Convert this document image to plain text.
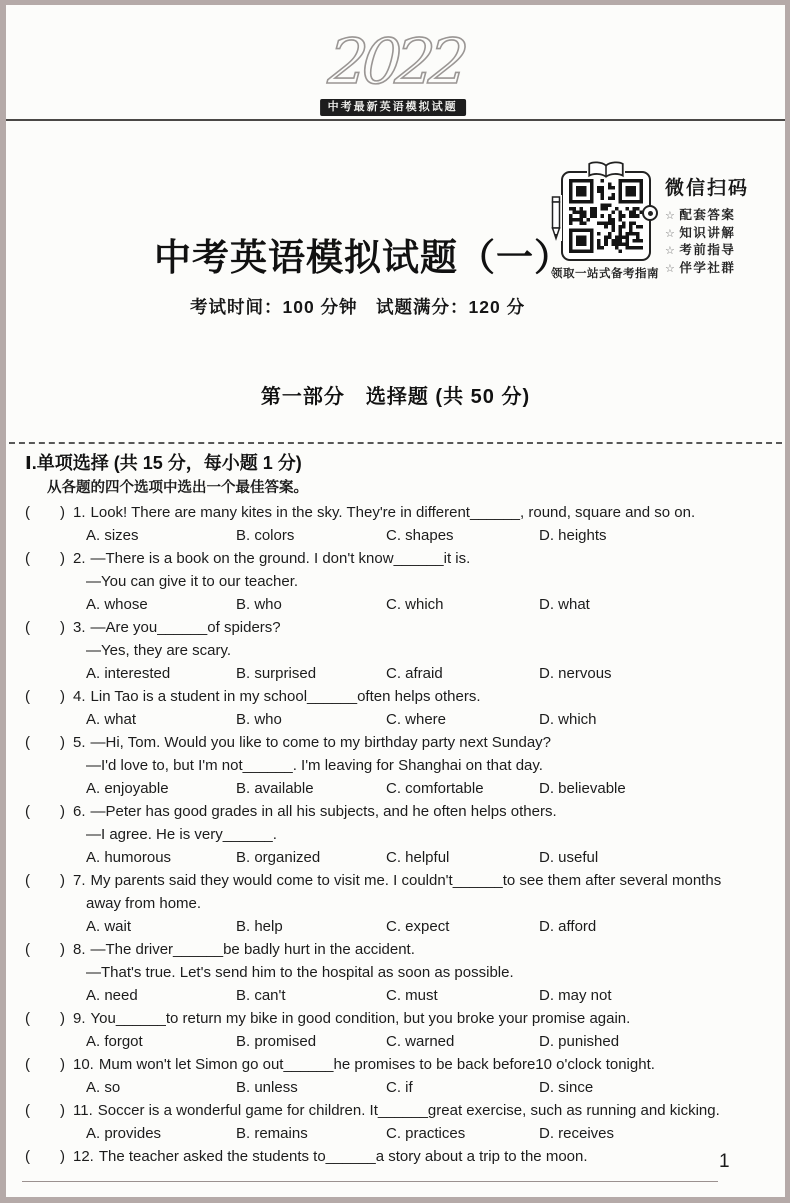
2022
中考最新英语模拟试题
领取一站式备考指南
微信扫码
☆ 配套答案
☆ 知识讲解
☆ 考前指导
☆ 伴学社群
中考英语模拟试题（一）
考试时间：100 分钟　试题满分：120 分
第一部分　选择题 (共 50 分)
Ⅰ.单项选择 (共 15 分，每小题 1 分)
从各题的四个选项中选出一个最佳答案。
( ) 1. Look! There are many kites in the sky. They're in different______, round, square and so on.
A. sizes	B. colors	C. shapes	D. heights
( ) 2. —There is a book on the ground. I don't know______it is.
—You can give it to our teacher.
A. whose	B. who	C. which	D. what
( ) 3. —Are you______of spiders?
—Yes, they are scary.
A. interested	B. surprised	C. afraid	D. nervous
( ) 4. Lin Tao is a student in my school______often helps others.
A. what	B. who	C. where	D. which
( ) 5. —Hi, Tom. Would you like to come to my birthday party next Sunday?
—I'd love to, but I'm not______. I'm leaving for Shanghai on that day.
A. enjoyable	B. available	C. comfortable	D. believable
( ) 6. —Peter has good grades in all his subjects, and he often helps others.
—I agree. He is very______.
A. humorous	B. organized	C. helpful	D. useful
( ) 7. My parents said they would come to visit me. I couldn't______to see them after several months
away from home.
A. wait	B. help	C. expect	D. afford
( ) 8. —The driver______be badly hurt in the accident.
—That's true. Let's send him to the hospital as soon as possible.
A. need	B. can't	C. must	D. may not
( ) 9. You______to return my bike in good condition, but you broke your promise again.
A. forgot	B. promised	C. warned	D. punished
( ) 10. Mum won't let Simon go out______he promises to be back before10 o'clock tonight.
A. so	B. unless	C. if	D. since
( ) 11. Soccer is a wonderful game for children. It______great exercise, such as running and kicking.
A. provides	B. remains	C. practices	D. receives
( ) 12. The teacher asked the students to______a story about a trip to the moon.	1
